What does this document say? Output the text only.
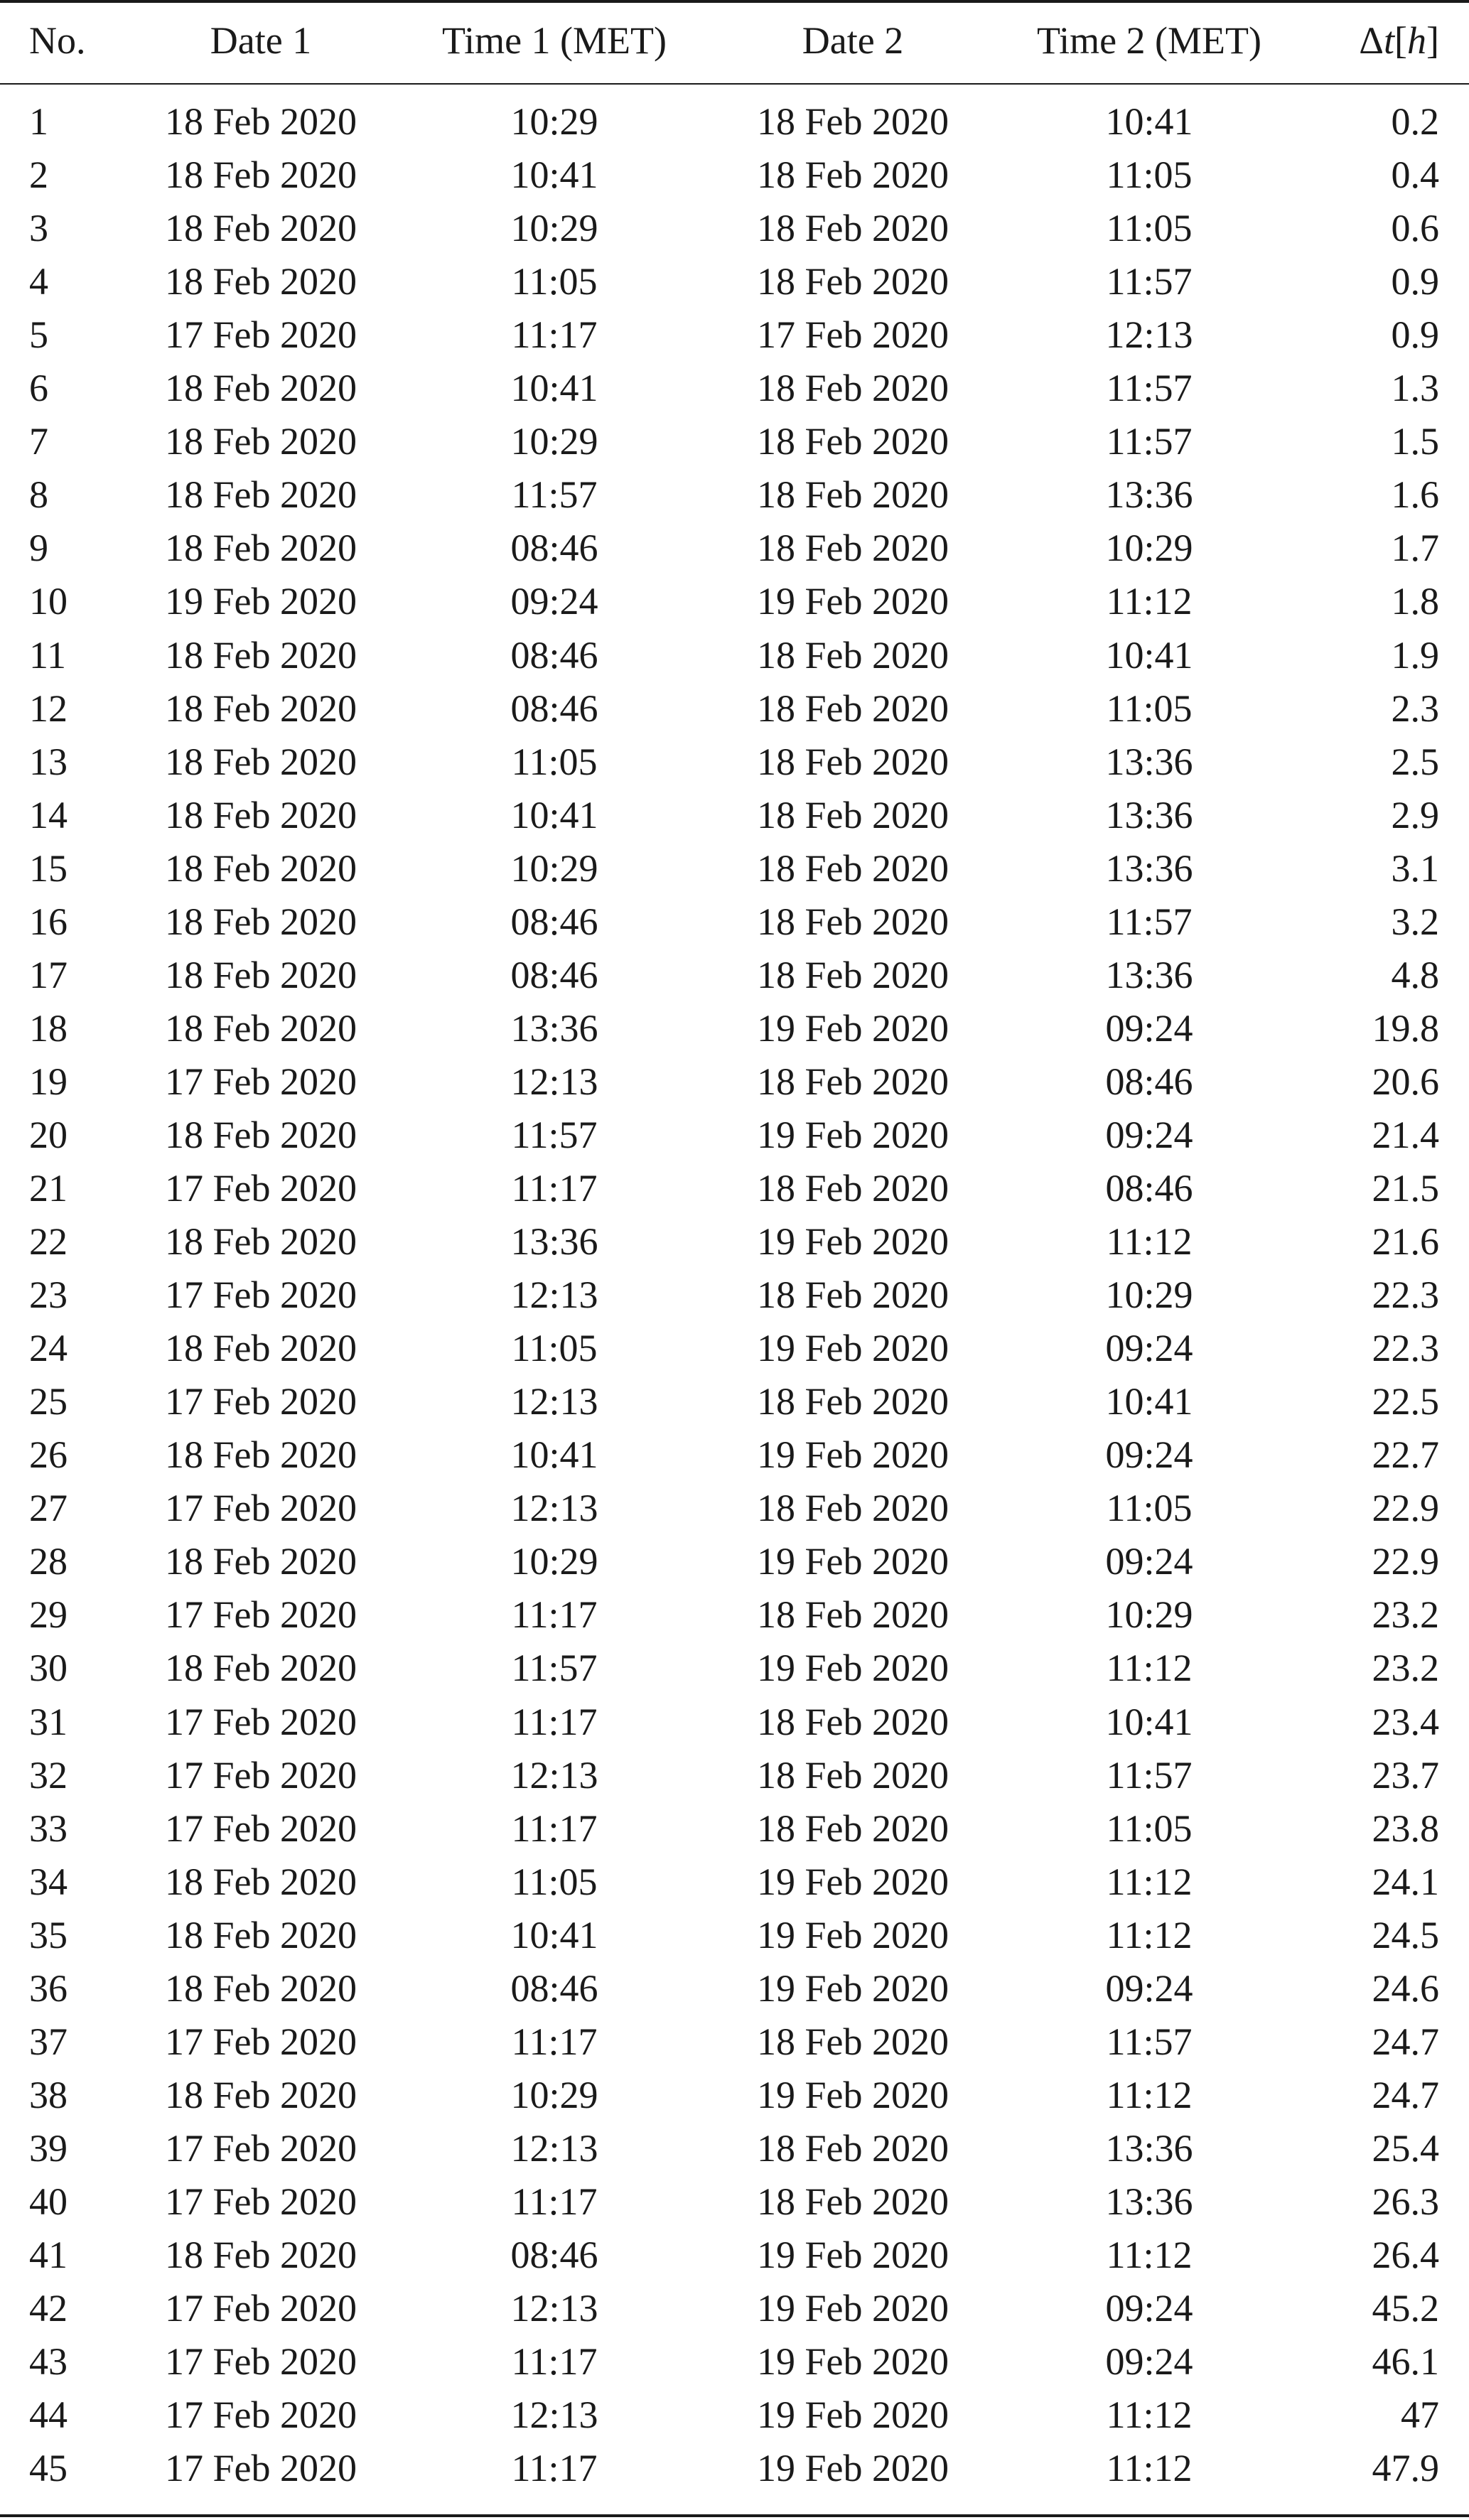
No.	Date 1	Time 1 (MET)	Date 2	Time 2 (MET)	Δt[h]
1	18 Feb 2020	10:29	18 Feb 2020	10:41	0.2
2	18 Feb 2020	10:41	18 Feb 2020	11:05	0.4
3	18 Feb 2020	10:29	18 Feb 2020	11:05	0.6
4	18 Feb 2020	11:05	18 Feb 2020	11:57	0.9
5	17 Feb 2020	11:17	17 Feb 2020	12:13	0.9
6	18 Feb 2020	10:41	18 Feb 2020	11:57	1.3
7	18 Feb 2020	10:29	18 Feb 2020	11:57	1.5
8	18 Feb 2020	11:57	18 Feb 2020	13:36	1.6
9	18 Feb 2020	08:46	18 Feb 2020	10:29	1.7
10	19 Feb 2020	09:24	19 Feb 2020	11:12	1.8
11	18 Feb 2020	08:46	18 Feb 2020	10:41	1.9
12	18 Feb 2020	08:46	18 Feb 2020	11:05	2.3
13	18 Feb 2020	11:05	18 Feb 2020	13:36	2.5
14	18 Feb 2020	10:41	18 Feb 2020	13:36	2.9
15	18 Feb 2020	10:29	18 Feb 2020	13:36	3.1
16	18 Feb 2020	08:46	18 Feb 2020	11:57	3.2
17	18 Feb 2020	08:46	18 Feb 2020	13:36	4.8
18	18 Feb 2020	13:36	19 Feb 2020	09:24	19.8
19	17 Feb 2020	12:13	18 Feb 2020	08:46	20.6
20	18 Feb 2020	11:57	19 Feb 2020	09:24	21.4
21	17 Feb 2020	11:17	18 Feb 2020	08:46	21.5
22	18 Feb 2020	13:36	19 Feb 2020	11:12	21.6
23	17 Feb 2020	12:13	18 Feb 2020	10:29	22.3
24	18 Feb 2020	11:05	19 Feb 2020	09:24	22.3
25	17 Feb 2020	12:13	18 Feb 2020	10:41	22.5
26	18 Feb 2020	10:41	19 Feb 2020	09:24	22.7
27	17 Feb 2020	12:13	18 Feb 2020	11:05	22.9
28	18 Feb 2020	10:29	19 Feb 2020	09:24	22.9
29	17 Feb 2020	11:17	18 Feb 2020	10:29	23.2
30	18 Feb 2020	11:57	19 Feb 2020	11:12	23.2
31	17 Feb 2020	11:17	18 Feb 2020	10:41	23.4
32	17 Feb 2020	12:13	18 Feb 2020	11:57	23.7
33	17 Feb 2020	11:17	18 Feb 2020	11:05	23.8
34	18 Feb 2020	11:05	19 Feb 2020	11:12	24.1
35	18 Feb 2020	10:41	19 Feb 2020	11:12	24.5
36	18 Feb 2020	08:46	19 Feb 2020	09:24	24.6
37	17 Feb 2020	11:17	18 Feb 2020	11:57	24.7
38	18 Feb 2020	10:29	19 Feb 2020	11:12	24.7
39	17 Feb 2020	12:13	18 Feb 2020	13:36	25.4
40	17 Feb 2020	11:17	18 Feb 2020	13:36	26.3
41	18 Feb 2020	08:46	19 Feb 2020	11:12	26.4
42	17 Feb 2020	12:13	19 Feb 2020	09:24	45.2
43	17 Feb 2020	11:17	19 Feb 2020	09:24	46.1
44	17 Feb 2020	12:13	19 Feb 2020	11:12	47
45	17 Feb 2020	11:17	19 Feb 2020	11:12	47.9
